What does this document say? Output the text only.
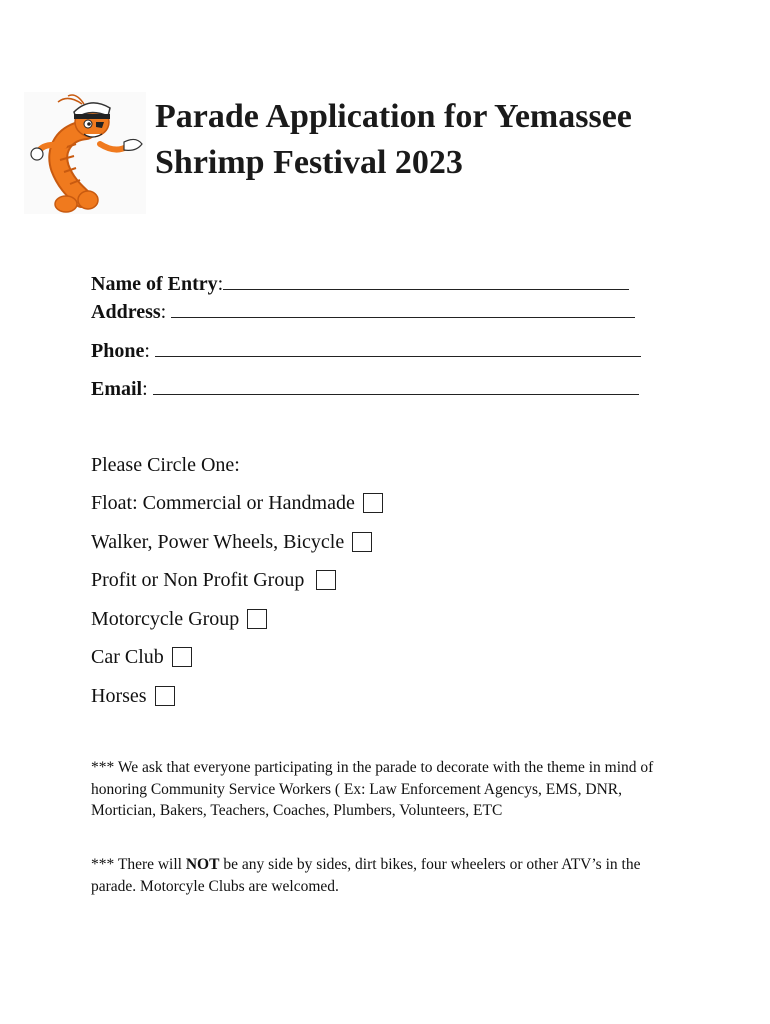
Parade Application for Yemassee
Shrimp Festival 2023
Name of Entry:
Address:
Phone:
Email:
Please Circle One:
Float: Commercial or Handmade
Walker, Power Wheels, Bicycle
Profit or Non Profit Group
Motorcycle Group
Car Club
Horses

*** We ask that everyone participating in the parade to decorate with the theme in mind of honoring Community Service Workers ( Ex: Law Enforcement Agencys, EMS, DNR, Mortician, Bakers, Teachers, Coaches, Plumbers, Volunteers, ETC

*** There will NOT be any side by sides, dirt bikes, four wheelers or other ATV’s in the parade. Motorcyle Clubs are welcomed.
